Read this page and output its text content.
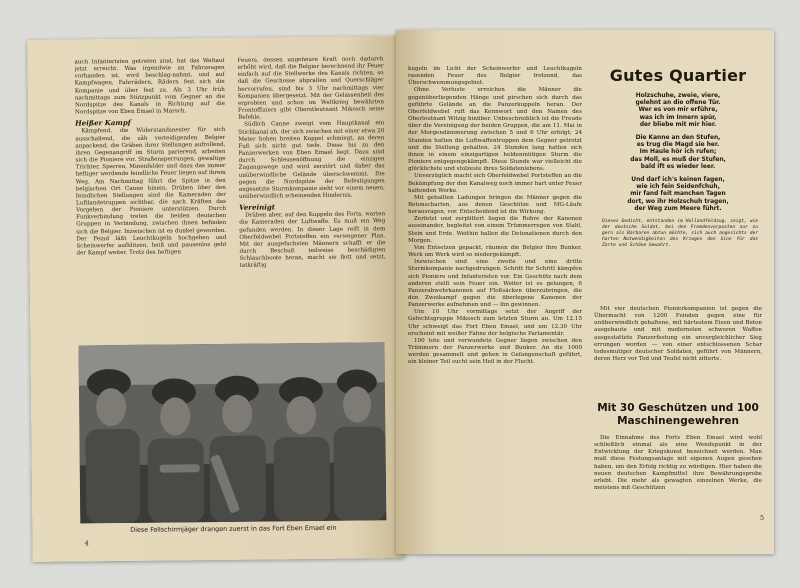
auch Infanteristen getreten sind, hat das Weltauf jetzt erreicht. Was irgendwie an Fahrzeugen vorhanden ist, wird beschlag-nahmt, und auf Kampfwagen, Fahrrädern, Rädern fest sich die Kompanie und über fest zu. Als 3 Uhr früh nachmittags zum Stützpunkt vom Gegner an die Nordspitze des Kanals in Richtung auf die Nordspitze von Eben Emael in Marsch.

Heißer Kampf

Kämpfend, die Widerstandsnester für sich ausschaltend, die zäh verteidigenden Belgier anpackend, die Gräben ihrer Stellungen aufrollend, ihren Gegenangriff im Sturm parierend, arbeiten sich die Pioniere vor. Straßensperrungen, gewaltige Trichter, Sperren, Minenfelder und dazu das immer heftiger werdende feindliche Feuer liegen auf ihrem Weg. Am Nachmittag führt die Spitze in den belgischen Ort Canne hinein. Drüben über den feindlichen Stellungen sind die Kameraden der Luftlandetruppen sichtbar, die nach Kräften das Vorgehen der Pioniere unterstützen. Durch Funkverbindung treten die beiden deutschen Gruppen in Verbindung, zwischen ihnen befinden sich die Belgier. Inzwischen ist es dunkel geworden. Der Feind läßt Leuchtkugeln hochgehen und Scheinwerfer aufblitzen, heiß und pausenlos geht der Kampf weiter. Trotz des heftigen

Feuers, dessen ungeheure Kraft noch dadurch erhöht wird, daß die Belgier berechnend ihr Feuer einfach auf die Stellwerke des Kanals richten, so daß die Geschosse abprallen und Querschläger hervorrufen, sind bis 3 Uhr nachmittags vier Kompanien übergesetzt. Mit der Gelassenheit des erprobten und schon im Weltkrieg bewährten Frontoffiziers gibt Oberstleutnant Mikosch seine Befehle.

Südlich Canne zweigt vom Hauptkanal ein Stichkanal ab, der sich zwischen mit einer etwa 20 Meter hohen breiten Kuppel schmiegt, an deren Fuß sich nicht gut tiefe. Diese bis zu den Panzerwerken von Eben Emael liegt. Dazu sind durch Schleusenöffnung die einzigen Zugangswege und wird zerstört und daher das unüberwindliche Gelände überschwemmt. Die gegen die Nordspitze der Befestigungen angesetzte Sturmkompanie sieht vor einem neuen, unüberwindlich scheinenden Hindernis.

Vereinigt

Drüben aber, auf den Kuppeln des Forts, warten die Kameraden der Luftwaffe. Es muß ein Weg gefunden werden. In dieser Lage reift in dem Oberfeldwebel Portsteffen ein verwegener Plan. Mit der ausgefuchsten Männern schafft er die durch Beschuß teilweise beschädigten Schlauchboote heran, macht sie flott und setzt, tatkräftig

Diese Fallschirmjäger drangen zuerst in das Fort Eben Emael ein
4

kugeln im Licht der Scheinwerfer und Leuchtkugeln rasenden Feuer des Belgier trotzend, das Überschwemmungsgebiet.

Ohne Verluste erreichen die Männer die gegenüberliegenden Hänge und pirschen sich durch das geführte Gelände an die Panzerkuppeln heran. Der Oberfeldwebel ruft das Kennwort und den Namen des Oberleutnant Witzig hinüber. Unbeschreiblich ist die Freude über die Vereinigung der beiden Gruppen, die am 11. Mai in der Morgendämmerung zwischen 5 und 6 Uhr erfolgt; 24 Stunden hatten die Luftwaffentruppen dem Gegner getrotzt und die Stellung gehalten. 24 Stunden lang hatten sich ihnen in einem einzigartigen heldenmütigen Sturm die Pioniere entgegengekämpft. Diese Stunde war vielleicht die glücklichste und stolzeste ihres Soldatenlebens.

Unverzüglich macht sich Oberfeldwebel Portsteffen an die Bekämpfung der den Kanalweg noch immer hart unter Feuer haltenden Werke.

Mit geballten Ladungen bringen die Männer gegen die Betonscharten, aus denen Geschütze und MG-Läufe herausragen, vor. Entscheidend ist die Wirkung.

Zerfetzt und zerplittert liegen die Rohre der Kanonen auseinander, begleitet von einem Trümmerregen von Stahl, Stein und Erde. Weithin hallen die Detonationen durch den Morgen.

Von Entsetzen gepackt, räumen die Belgier ihre Bunker. Werk um Werk wird so niedergekämpft.

Inzwischen sind eine zweite und eine dritte Sturmkompanie nachgedrungen. Schritt für Schritt kämpfen sich Pioniere und Infanteristen vor. Ein Geschütz nach dem anderen stellt sein Feuer ein. Weiter ist es gelungen, 6 Panzerabwehrkanonen auf Floßsäcken überzubringen, die den Zweikampf gegen die überlegene Kanonen der Panzerwerke aufnehmen und — ihn gewinnen.

Um 10 Uhr vormittags setzt der Angriff der Gefechtsgruppe Mikosch zum letzten Sturm an. Um 12.15 Uhr schweigt das Fort Eben Emael, und um 12.30 Uhr erscheint mit weißer Fahne der belgische Parlamentär.

100 tote und verwundete Gegner liegen zwischen den Trümmern der Panzerwerke und Bunker. An die 1000 werden gesammelt und gehen in Gefangenschaft geführt, ein kleiner Teil sucht sein Heil in der Flucht.

Gutes Quartier
Holzschuhe, zweie, viere,
gelehnt an die offene Tür.
Wer es von mir erführe,
was ich im Innern spür,
der bliebe mit mir hier.
Die Kanne an den Stufen,
es trug die Magd sie her.
Im Haule hör ich rufen;
das Moll, es muß der Stufen,
bald ift es wieder leer.
Und darf ich's keinen fagen,
wie ich fein Seidenfchuh,
mir fand feit manchen Tagen
dort, wo ihr Holzschuh tragen,
der Weg zum Meere führt.
Dieses Gedicht, entstanden im Hollandfeldzug, zeigt, wie der deutsche Soldat, bei den Fremdenvorposten nur zu gern als Barbaren abtun möchte, sich auch angesichts der harten Notwendigkeiten des Krieges den Sinn für das Zarte und Schöne bewahrt.

Mit vier deutschen Pionierkompanien ist gegen die Übermacht von 1200 Feinden gegen eine für unüberwindlich gehaltene, mit härtestem Eisen und Beton ausgebaute und mit modernsten schweren Waffen ausgestattete Panzerfestung ein unvergleichlicher Sieg errungen worden — von einer entschlossenen Schar todesmutiger deutscher Soldaten, geführt von Männern, deren Herz vor Tod und Teufel nicht zitterte.

Mit 30 Geschützen und 100 Maschinengewehren

Die Einnahme des Forts Eben Emael wird wohl schließlich einmal als eine Wendepunkt in der Entwicklung der Kriegskunst bezeichnet werden. Man muß diese Festungsanlage mit eigenen Augen gesehen haben, um den Erfolg richtig zu würdigen. Hier haben die neuen deutschen Kampfmittel ihre Bewährungsprobe erlebt. Die mehr als gewagten einzelnen Werke, die meistens mit Geschützen

5
